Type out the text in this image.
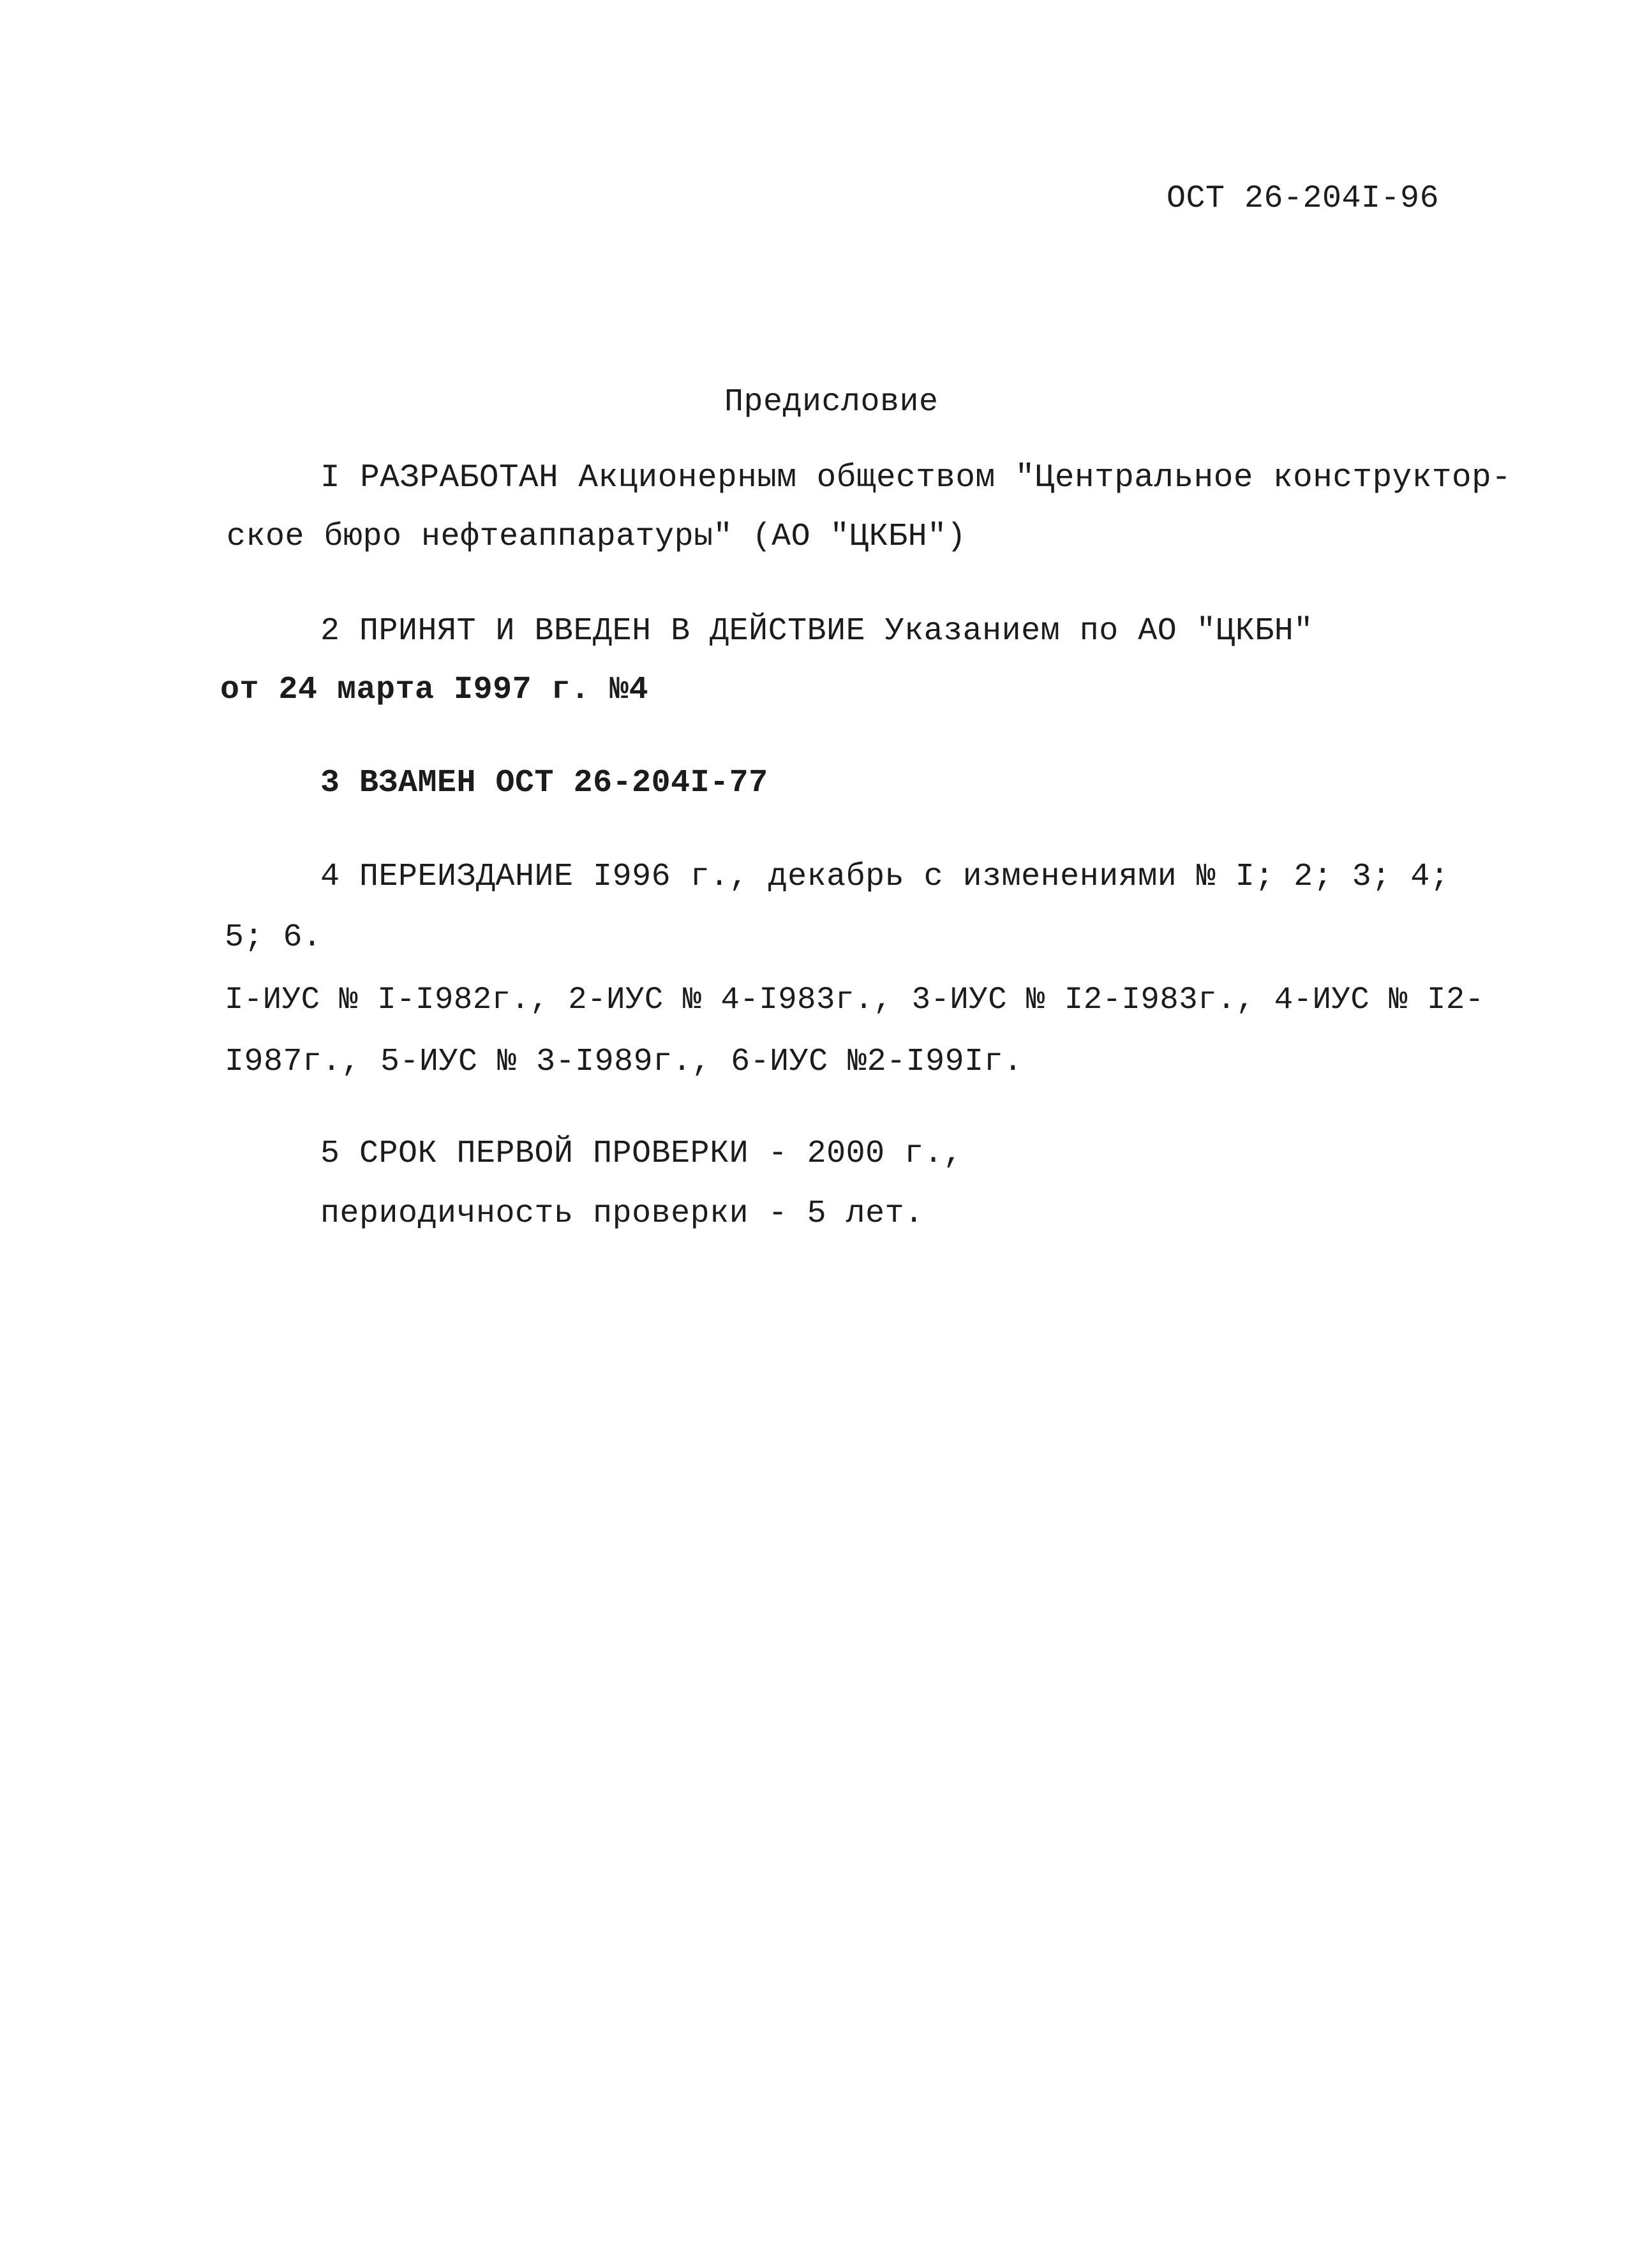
ОСТ 26-204I-96
Предисловие
I РАЗРАБОТАН Акционерным обществом "Центральное конструктор-
ское бюро нефтеаппаратуры" (АО "ЦКБН")
2 ПРИНЯТ И ВВЕДЕН В ДЕЙСТВИЕ Указанием по АО "ЦКБН"
от 24 марта I997 г. №4
3 ВЗАМЕН ОСТ 26-204I-77
4 ПЕРЕИЗДАНИЕ I996 г., декабрь с изменениями № I; 2; 3; 4;
5; 6.
I-ИУС № I-I982г., 2-ИУС № 4-I983г., 3-ИУС № I2-I983г., 4-ИУС № I2-
I987г., 5-ИУС № 3-I989г., 6-ИУС №2-I99Iг.
5 СРОК ПЕРВОЙ ПРОВЕРКИ - 2000 г.,
периодичность проверки - 5 лет.
